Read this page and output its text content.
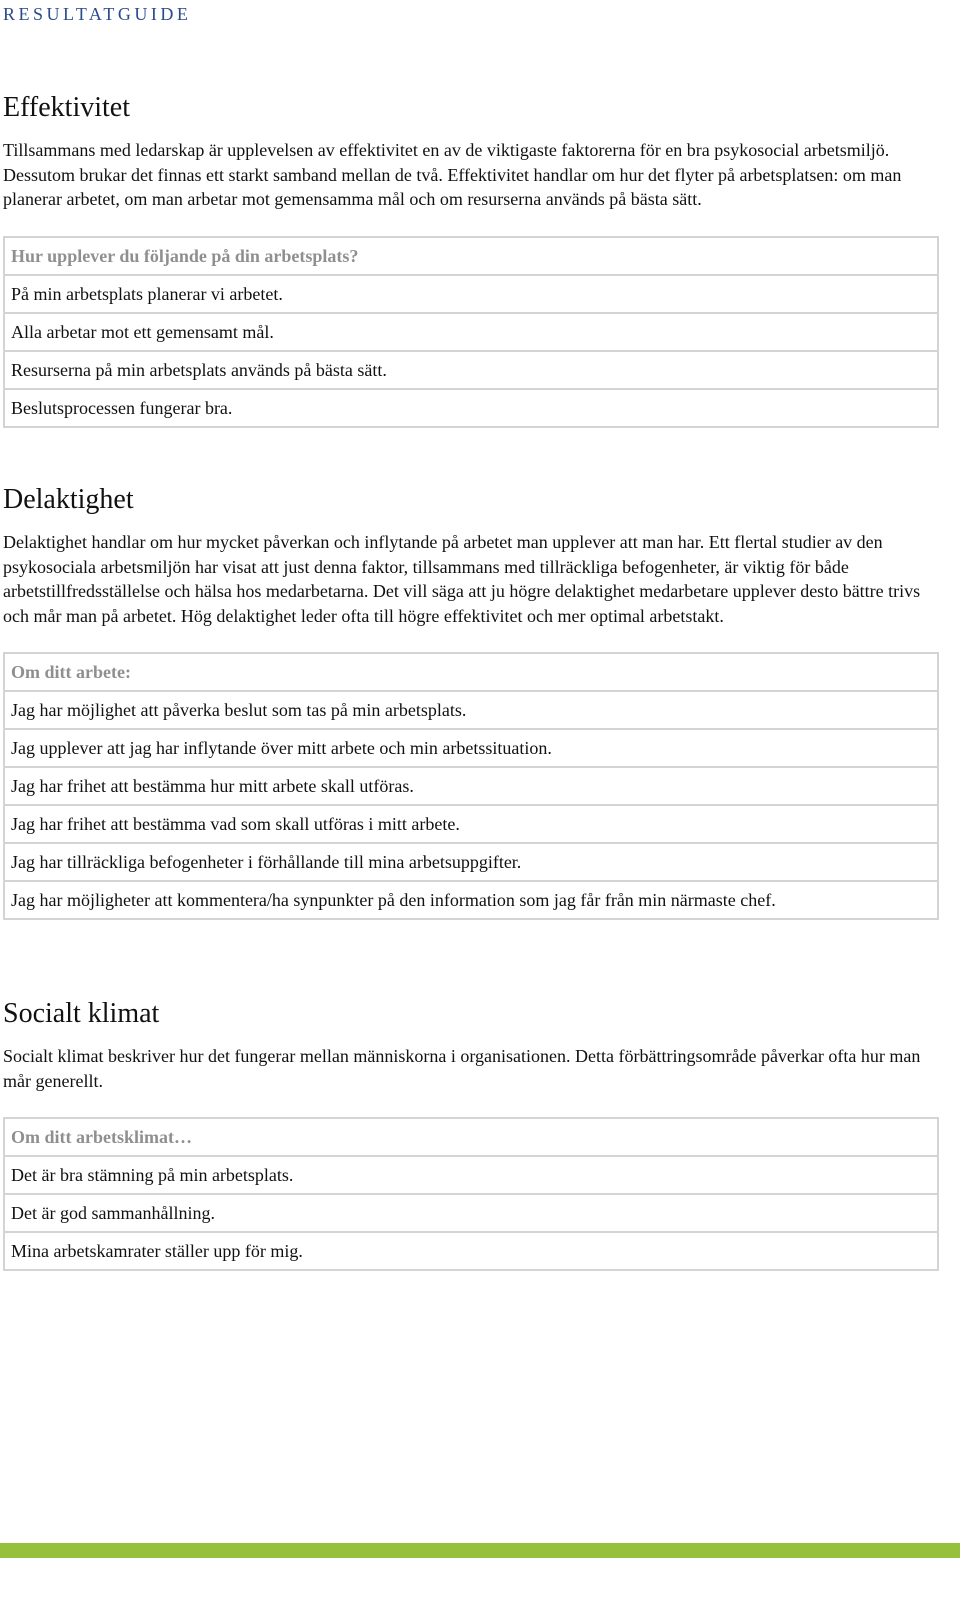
RESULTATGUIDE
Effektivitet

Tillsammans med ledarskap är upplevelsen av effektivitet en av de viktigaste faktorerna för en bra psykosocial arbetsmiljö. Dessutom brukar det finnas ett starkt samband mellan de två. Effektivitet handlar om hur det flyter på arbetsplatsen: om man planerar arbetet, om man arbetar mot gemensamma mål och om resurserna används på bästa sätt.

Hur upplever du följande på din arbetsplats?
På min arbetsplats planerar vi arbetet.
Alla arbetar mot ett gemensamt mål.
Resurserna på min arbetsplats används på bästa sätt.
Beslutsprocessen fungerar bra.
Delaktighet

Delaktighet handlar om hur mycket påverkan och inflytande på arbetet man upplever att man har. Ett flertal studier av den psykosociala arbetsmiljön har visat att just denna faktor, tillsammans med tillräckliga befogenheter, är viktig för både arbetstillfredsställelse och hälsa hos medarbetarna. Det vill säga att ju högre delaktighet medarbetare upplever desto bättre trivs och mår man på arbetet. Hög delaktighet leder ofta till högre effektivitet och mer optimal arbetstakt.

Om ditt arbete:
Jag har möjlighet att påverka beslut som tas på min arbetsplats.
Jag upplever att jag har inflytande över mitt arbete och min arbetssituation.
Jag har frihet att bestämma hur mitt arbete skall utföras.
Jag har frihet att bestämma vad som skall utföras i mitt arbete.
Jag har tillräckliga befogenheter i förhållande till mina arbetsuppgifter.
Jag har möjligheter att kommentera/ha synpunkter på den information som jag får från min närmaste chef.
Socialt klimat

Socialt klimat beskriver hur det fungerar mellan människorna i organisationen. Detta förbättringsområde påverkar ofta hur man mår generellt.

Om ditt arbetsklimat…
Det är bra stämning på min arbetsplats.
Det är god sammanhållning.
Mina arbetskamrater ställer upp för mig.
